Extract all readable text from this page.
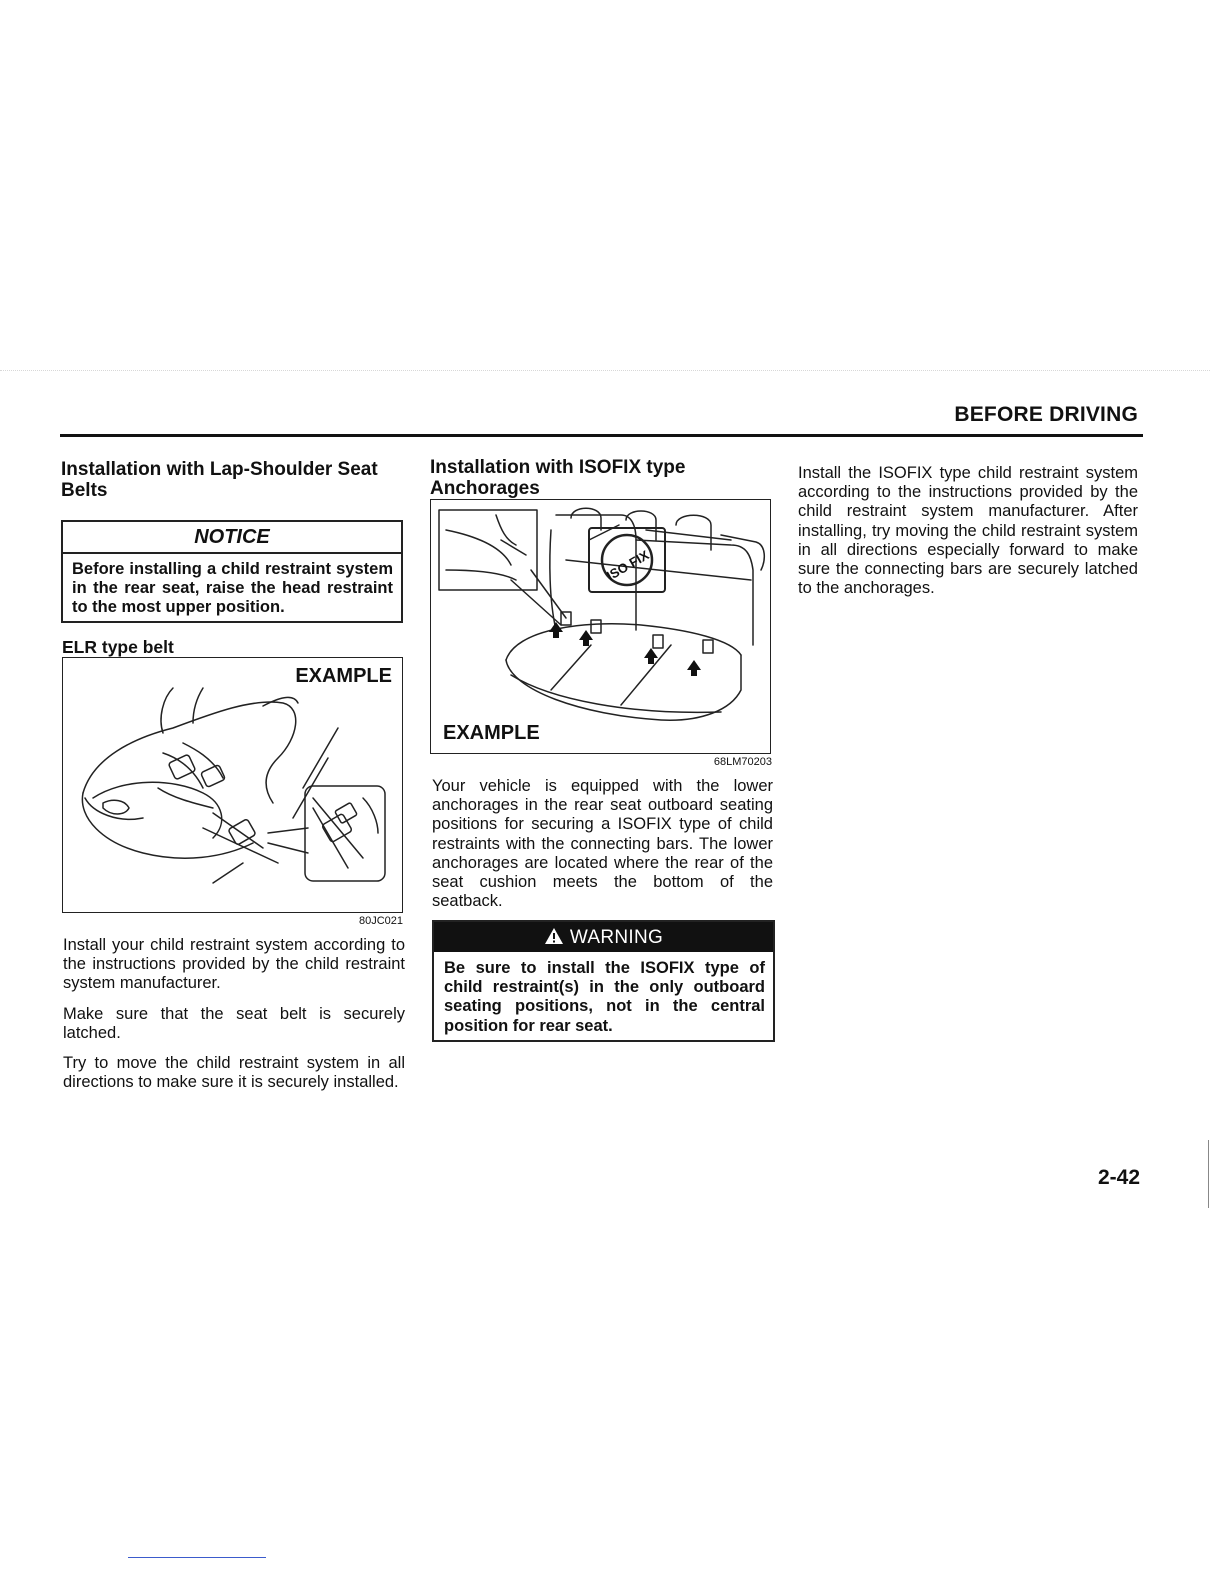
BEFORE DRIVING
Installation with Lap-Shoulder Seat Belts
NOTICE
Before installing a child restraint system in the rear seat, raise the head restraint to the most upper position.
ELR type belt
EXAMPLE
80JC021

Install your child restraint system according to the instructions provided by the child restraint system manufacturer.

Make sure that the seat belt is securely latched.

Try to move the child restraint system in all directions to make sure it is securely installed.

Installation with ISOFIX type Anchorages
ISO FIX
EXAMPLE
68LM70203
Your vehicle is equipped with the lower anchorages in the rear seat outboard seating positions for securing a ISOFIX type of child restraints with the connecting bars. The lower anchorages are located where the rear of the seat cushion meets the bottom of the seatback.
WARNING
Be sure to install the ISOFIX type of child restraint(s) in the only outboard seating positions, not in the central position for rear seat.
Install the ISOFIX type child restraint system according to the instructions provided by the child restraint system manufacturer. After installing, try moving the child restraint system in all directions especially forward to make sure the connecting bars are securely latched to the anchorages.
2-42
